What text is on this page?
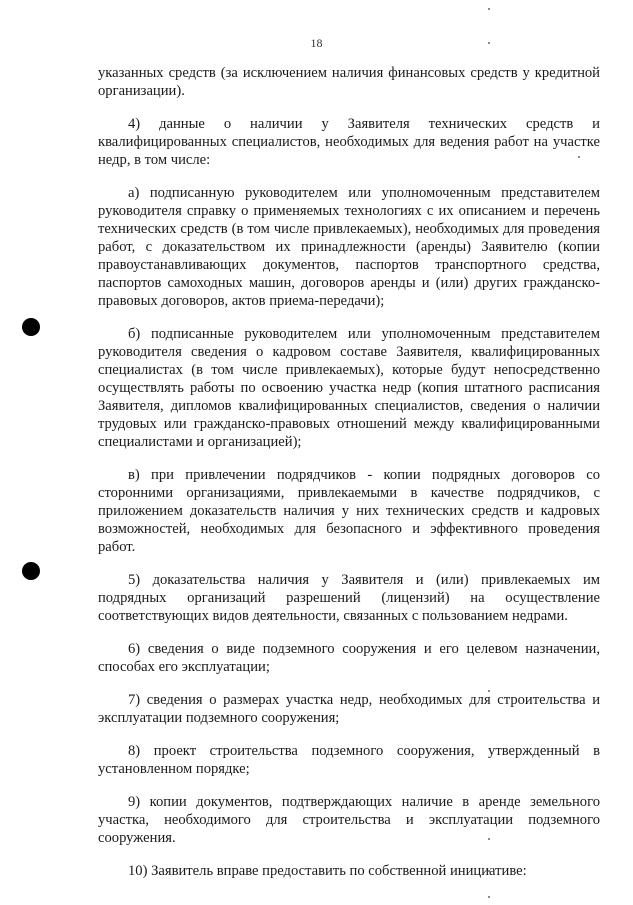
18

указанных средств (за исключением наличия финансовых средств у кредитной организации).

4) данные о наличии у Заявителя технических средств и квалифицированных специалистов, необходимых для ведения работ на участке недр, в том числе:

а) подписанную руководителем или уполномоченным представителем руководителя справку о применяемых технологиях с их описанием и перечень технических средств (в том числе привлекаемых), необходимых для проведения работ, с доказательством их принадлежности (аренды) Заявителю (копии правоустанавливающих документов, паспортов транспортного средства, паспортов самоходных машин, договоров аренды и (или) других гражданско-правовых договоров, актов приема-передачи);

б) подписанные руководителем или уполномоченным представителем руководителя сведения о кадровом составе Заявителя, квалифицированных специалистах (в том числе привлекаемых), которые будут непосредственно осуществлять работы по освоению участка недр (копия штатного расписания Заявителя, дипломов квалифицированных специалистов, сведения о наличии трудовых или гражданско-правовых отношений между квалифицированными специалистами и организацией);

в) при привлечении подрядчиков - копии подрядных договоров со сторонними организациями, привлекаемыми в качестве подрядчиков, с приложением доказательств наличия у них технических средств и кадровых возможностей, необходимых для безопасного и эффективного проведения работ.

5) доказательства наличия у Заявителя и (или) привлекаемых им подрядных организаций разрешений (лицензий) на осуществление соответствующих видов деятельности, связанных с пользованием недрами.

6) сведения о виде подземного сооружения и его целевом назначении, способах его эксплуатации;

7) сведения о размерах участка недр, необходимых для строительства и эксплуатации подземного сооружения;

8) проект строительства подземного сооружения, утвержденный в установленном порядке;

9) копии документов, подтверждающих наличие в аренде земельного участка, необходимого для строительства и эксплуатации подземного сооружения.

10) Заявитель вправе предоставить по собственной инициативе:
